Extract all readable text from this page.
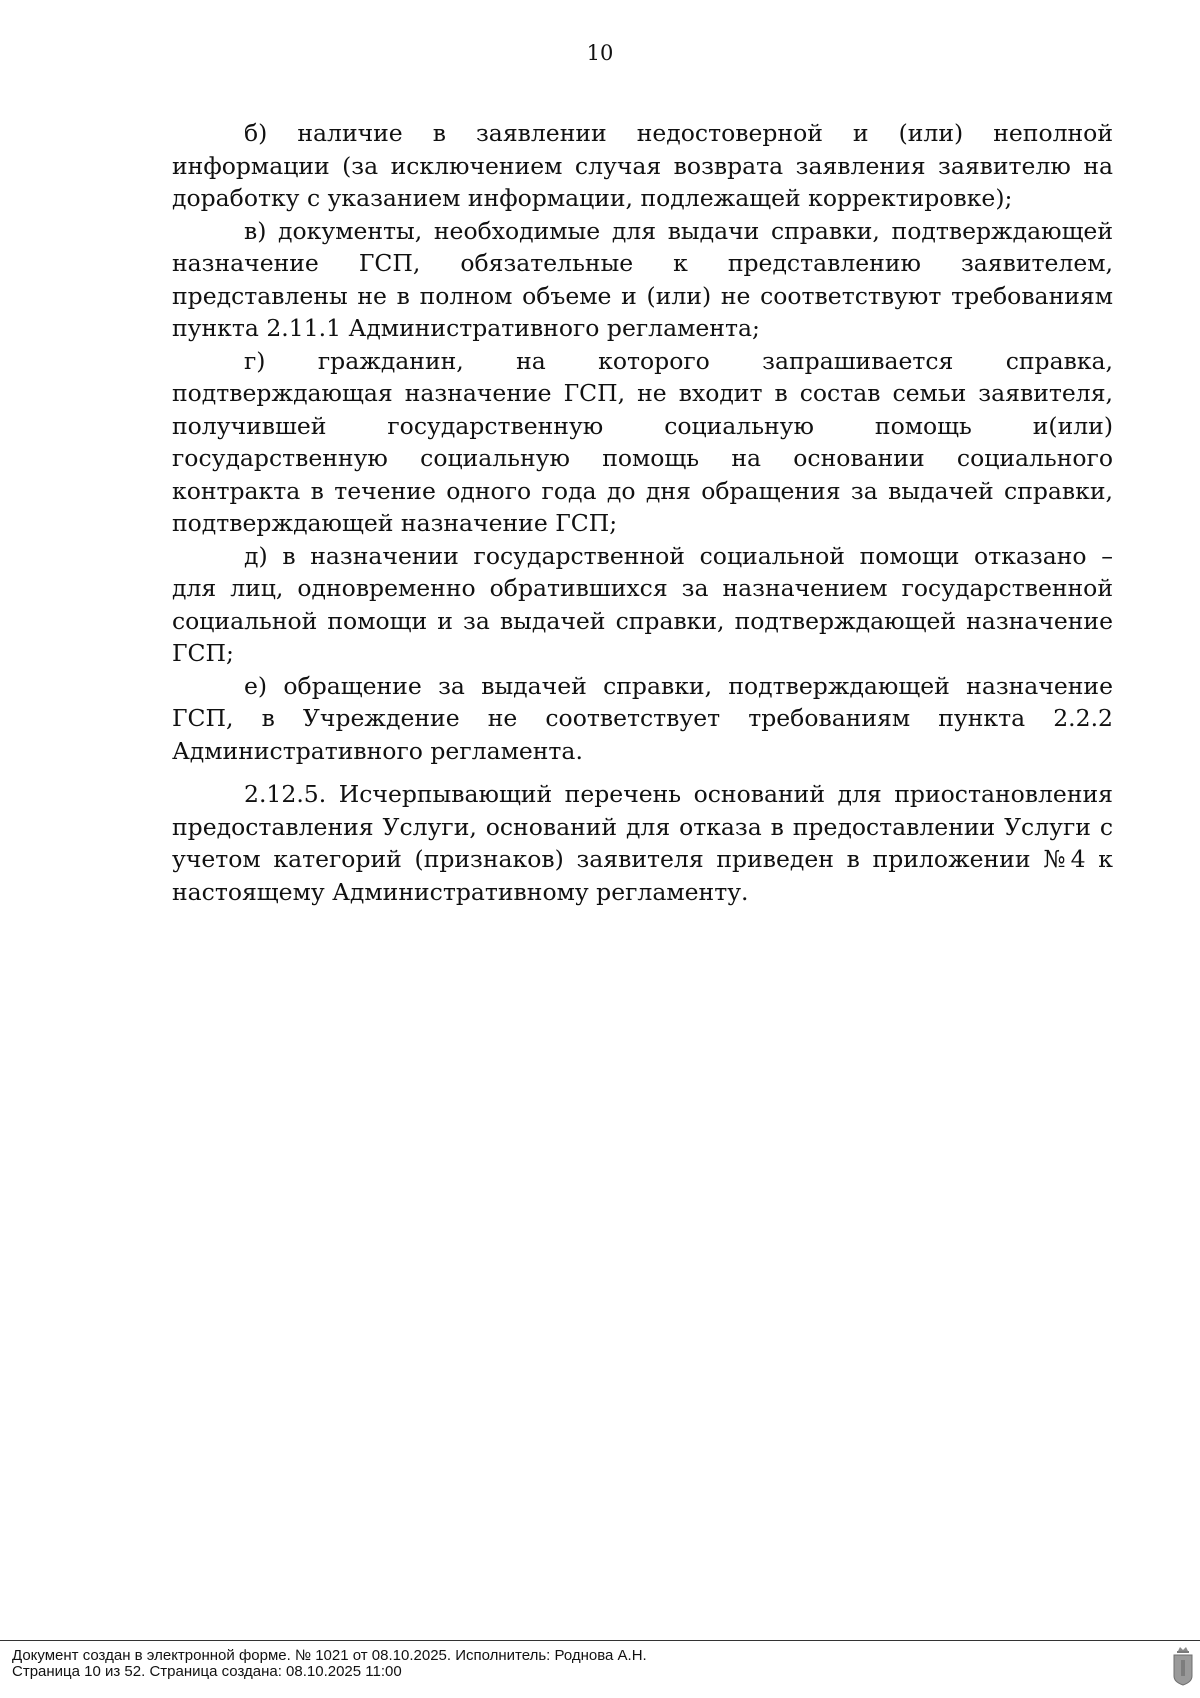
10

б) наличие в заявлении недостоверной и (или) неполной информации (за исключением случая возврата заявления заявителю на доработку с указанием информации, подлежащей корректировке);

в) документы, необходимые для выдачи справки, подтверждающей назначение ГСП, обязательные к представлению заявителем, представлены не в полном объеме и (или) не соответствуют требованиям пункта 2.11.1 Административного регламента;

г) гражданин, на которого запрашивается справка, подтверждающая назначение ГСП, не входит в состав семьи заявителя, получившей государственную социальную помощь и(или) государственную социальную помощь на основании социального контракта в течение одного года до дня обращения за выдачей справки, подтверждающей назначение ГСП;

д) в назначении государственной социальной помощи отказано – для лиц, одновременно обратившихся за назначением государственной социальной помощи и за выдачей справки, подтверждающей назначение ГСП;

е) обращение за выдачей справки, подтверждающей назначение ГСП, в Учреждение не соответствует требованиям пункта 2.2.2 Административного регламента.

2.12.5. Исчерпывающий перечень оснований для приостановления предоставления Услуги, оснований для отказа в предоставлении Услуги с учетом категорий (признаков) заявителя приведен в приложении №4 к настоящему Административному регламенту.

Документ создан в электронной форме. № 1021 от 08.10.2025. Исполнитель: Роднова А.Н.
Страница 10 из 52. Страница создана: 08.10.2025 11:00
